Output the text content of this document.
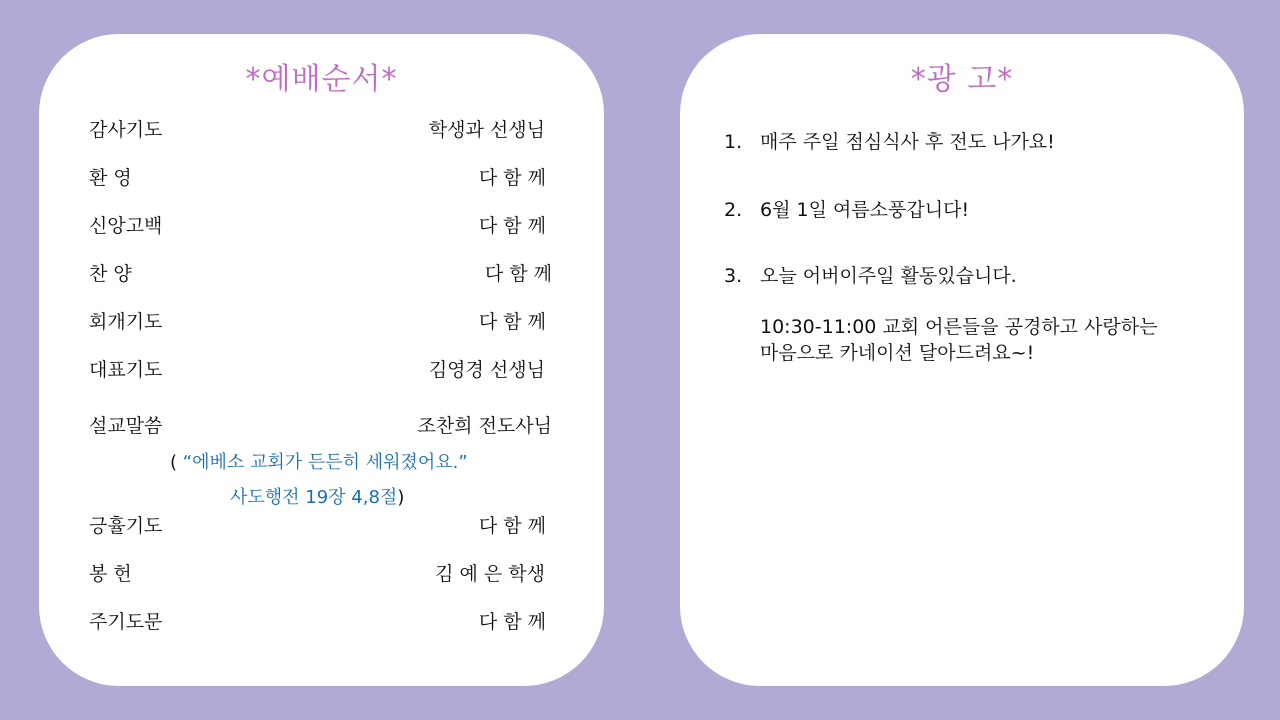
*예배순서*
감사기도	학생과 선생님
환 영	다 함 께
신앙고백	다 함 께
찬 양	다 함 께
회개기도	다 함 께
대표기도	김영경 선생님
설교말씀	조찬희 전도사님
( “에베소 교회가 든든히 세워졌어요.”
사도행전 19장 4,8절)
긍휼기도	다 함 께
봉 헌	김 예 은 학생
주기도문	다 함 께
*광 고*
1. 매주 주일 점심식사 후 전도 나가요!
2. 6월 1일 여름소풍갑니다!
3. 오늘 어버이주일 활동있습니다.
10:30-11:00 교회 어른들을 공경하고 사랑하는
마음으로 카네이션 달아드려요~!
